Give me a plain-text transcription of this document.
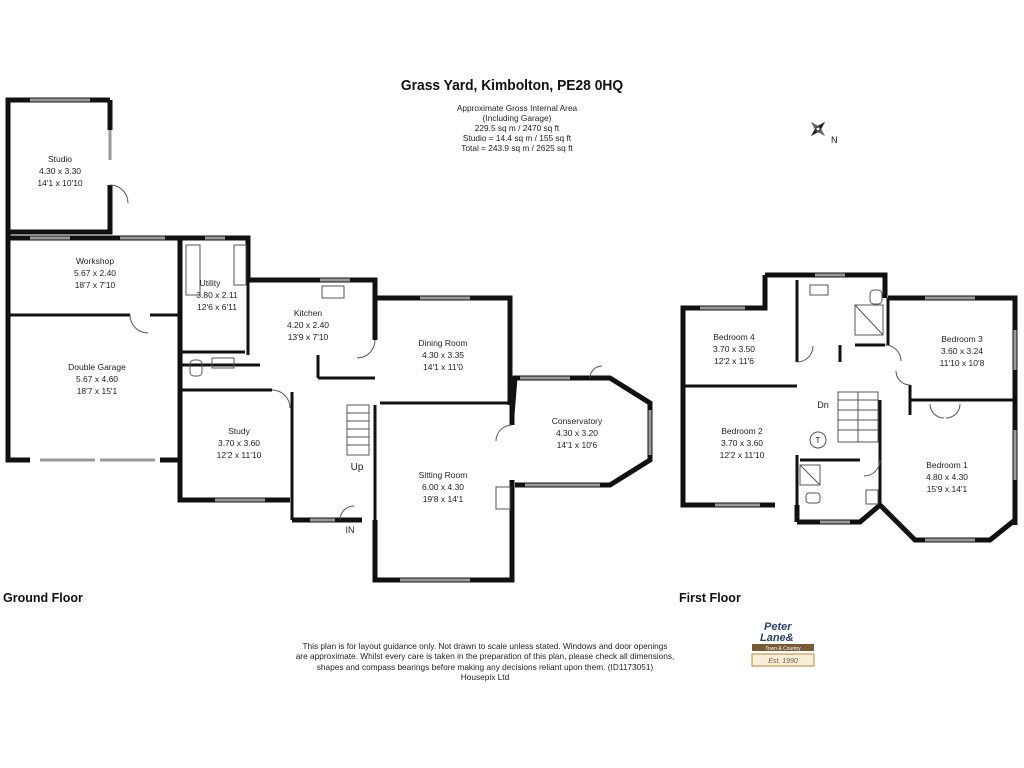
Grass Yard, Kimbolton, PE28 0HQ
Approximate Gross Internal Area
(Including Garage)
229.5 sq m / 2470 sq ft
Studio = 14.4 sq m / 155 sq ft
Total = 243.9 sq m / 2625 sq ft
N
Studio
4.30 x 3.30
14'1 x 10'10
Workshop
5.67 x 2.40
18'7 x 7'10	Utility
3.80 x 2.11
12'6 x 6'11
Kitchen
4.20 x 2.40
13'9 x 7'10
Double Garage
5.67 x 4.60
18'7 x 15'1
Dining Room
4.30 x 3.35
14'1 x 11'0
Study
3.70 x 3.60
12'2 x 11'10
Sitting Room
6.00 x 4.30
19'8 x 14'1
Conservatory
4.30 x 3.20
14'1 x 10'6
Up
IN
Bedroom 4
3.70 x 3.50
12'2 x 11'6
Bedroom 3
3.60 x 3.24
11'10 x 10'8
Bedroom 2
3.70 x 3.60
12'2 x 11'10
Bedroom 1
4.80 x 4.30
15'9 x 14'1
Dn
T
Ground Floor	First Floor
This plan is for layout guidance only. Not drawn to scale unless stated. Windows and door openings
are approximate. Whilst every care is taken in the preparation of this plan, please check all dimensions,
shapes and compass bearings before making any decisions reliant upon them. (ID1173051)
Housepix Ltd
Peter
Lane&
Town & Country
Est. 1990
